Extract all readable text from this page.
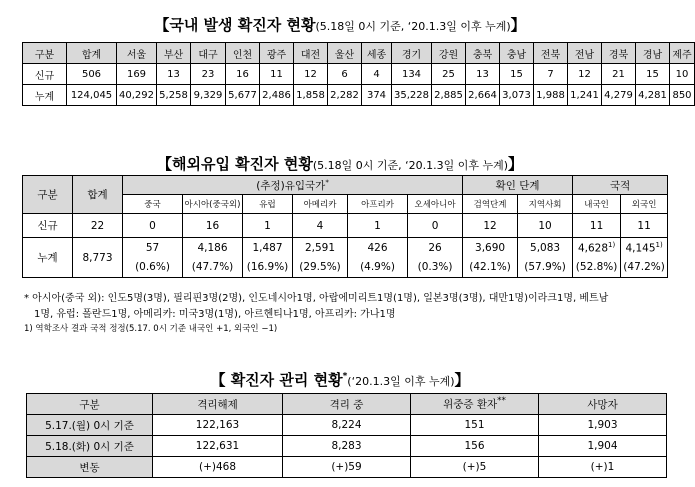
【국내 발생 확진자 현황(5.18일 0시 기준, ‘20.1.3일 이후 누계)】
구분	합계	서울	부산	대구	인천	광주	대전	울산	세종	경기	강원	충북	충남	전북	전남	경북	경남	제주
신규	506	169	13	23	16	11	12	6	4	134	25	13	15	7	12	21	15	10
누계	124,045	40,292	5,258	9,329	5,677	2,486	1,858	2,282	374	35,228	2,885	2,664	3,073	1,988	1,241	4,279	4,281	850
【해외유입 확진자 현황(5.18일 0시 기준, ‘20.1.3일 이후 누계)】
구분	합계	(추정)유입국가*						확인 단계		국적	
		중국	아시아(중국외)	유럽	아메리카	아프리카	오세아니아	검역단계	지역사회	내국인	외국인
신규	22	0	16	1	4	1	0	12	10	11	11
누계	8,773	57	4,186	1,487	2,591	426	26	3,690	5,083	4,628$^{1)}$	4,145$^{1)}$
		(0.6%)	(47.7%)	(16.9%)	(29.5%)	(4.9%)	(0.3%)	(42.1%)	(57.9%)	(52.8%)	(47.2%)
* 아시아(중국 외): 인도5명(3명), 필리핀3명(2명), 인도네시아1명, 아랍에미리트1명(1명), 일본3명(3명), 대만1명)이라크1명, 베트남
1명, 유럽: 폴란드1명, 아메리카: 미국3명(1명), 아르헨티나1명, 아프리카: 가나1명
1) 역학조사 결과 국적 정정(5.17. 0시 기준 내국인 +1, 외국인 −1)
【 확진자 관리 현황*(‘20.1.3일 이후 누계)】
구분	격리해제	격리 중	위중증 환자**	사망자
5.17.(월) 0시 기준	122,163	8,224	151	1,903
5.18.(화) 0시 기준	122,631	8,283	156	1,904
변동	(+)468	(+)59	(+)5	(+)1
